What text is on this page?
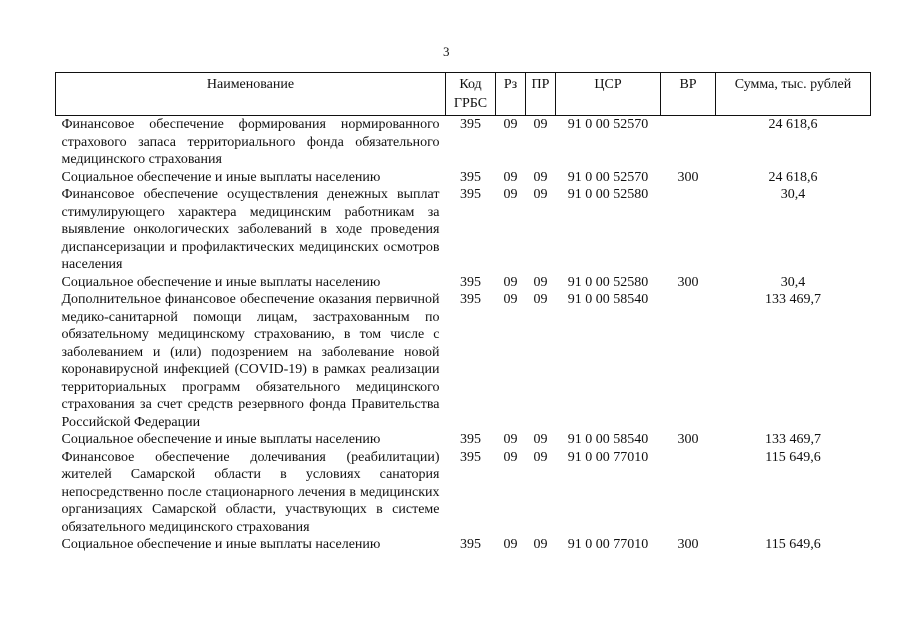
3
Наименование	Код ГРБС	Рз	ПР	ЦСР	ВР	Сумма, тыс. рублей
Финансовое обеспечение формирования нормированного страхового запаса территориального фонда обязательного медицинского страхования	395	09	09	91 0 00 52570		24 618,6
Социальное обеспечение и иные выплаты населению	395	09	09	91 0 00 52570	300	24 618,6
Финансовое обеспечение осуществления денежных выплат стимулирующего характера медицинским работникам за выявление онкологических заболеваний в ходе проведения диспансеризации и профилактических медицинских осмотров населения	395	09	09	91 0 00 52580		30,4
Социальное обеспечение и иные выплаты населению	395	09	09	91 0 00 52580	300	30,4
Дополнительное финансовое обеспечение оказания первичной медико-санитарной помощи лицам, застрахованным по обязательному медицинскому страхованию, в том числе с заболеванием и (или) подозрением на заболевание новой коронавирусной инфекцией (COVID-19) в рамках реализации территориальных программ обязательного медицинского страхования за счет средств резервного фонда Правительства Российской Федерации	395	09	09	91 0 00 58540		133 469,7
Социальное обеспечение и иные выплаты населению	395	09	09	91 0 00 58540	300	133 469,7
Финансовое обеспечение долечивания (реабилитации) жителей Самарской области в условиях санатория непосредственно после стационарного лечения в медицинских организациях Самарской области, участвующих в системе обязательного медицинского страхования	395	09	09	91 0 00 77010		115 649,6
Социальное обеспечение и иные выплаты населению	395	09	09	91 0 00 77010	300	115 649,6
